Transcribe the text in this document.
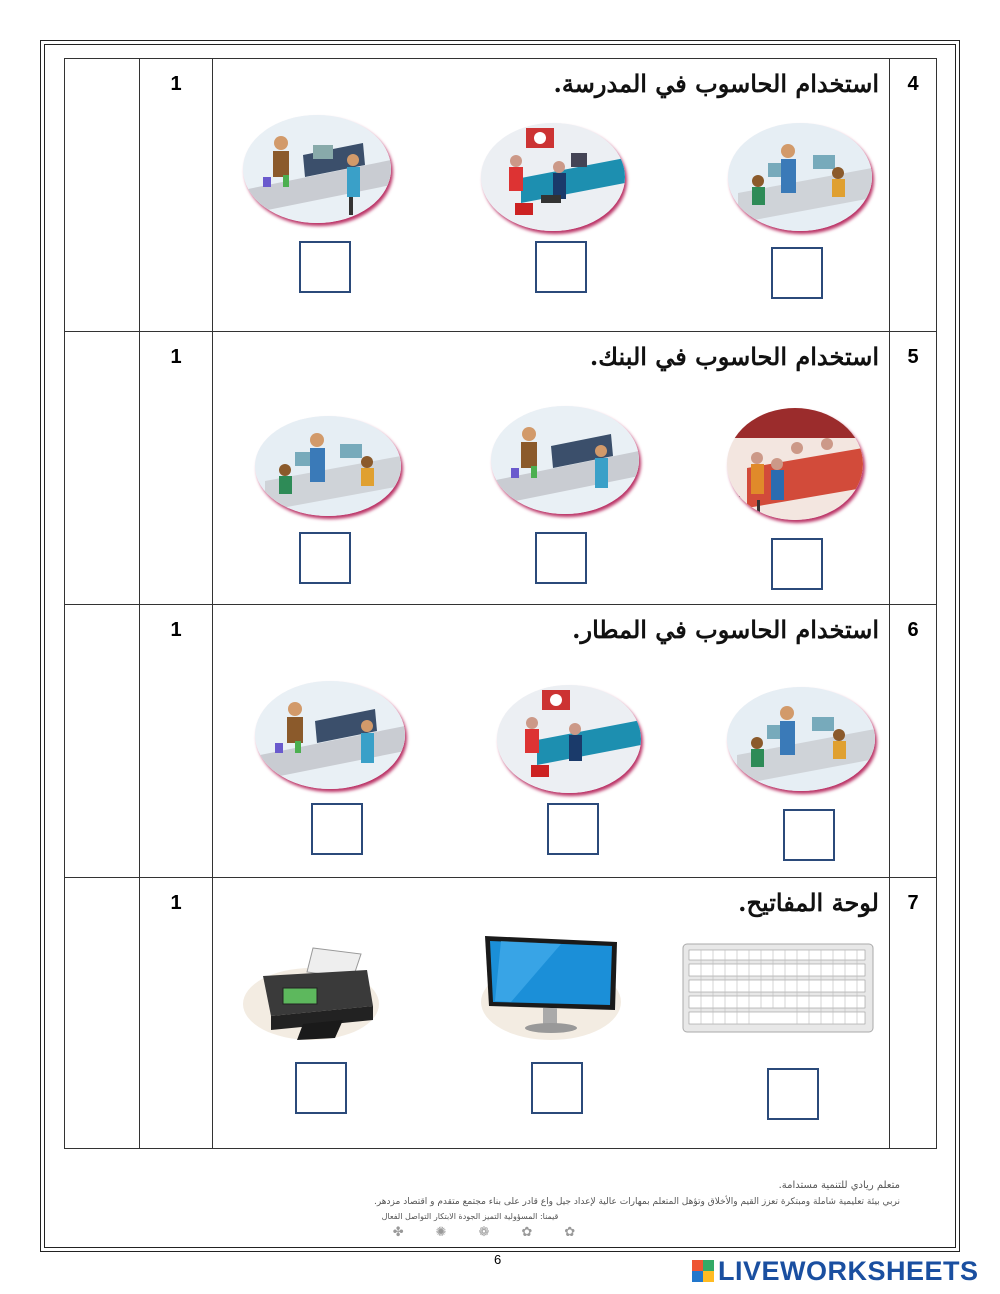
	1	استخدام الحاسوب في المدرسة.	4

	1	استخدام الحاسوب في البنك.	5

	1	استخدام الحاسوب في المطار.	6

	1	لوحة المفاتيح.	7
متعلم ريادي للتنمية مستدامة.
نربي بيئة تعليمية شاملة ومبتكرة تعزز القيم والأخلاق وتؤهل المتعلم بمهارات عالية لإعداد جيل واع قادر على بناء مجتمع متقدم و اقتصاد مزدهر.
قيمنا: المسؤولية التميز الجودة الابتكار التواصل الفعال
✿✿❁✺✤
6	LIVEWORKSHEETS
